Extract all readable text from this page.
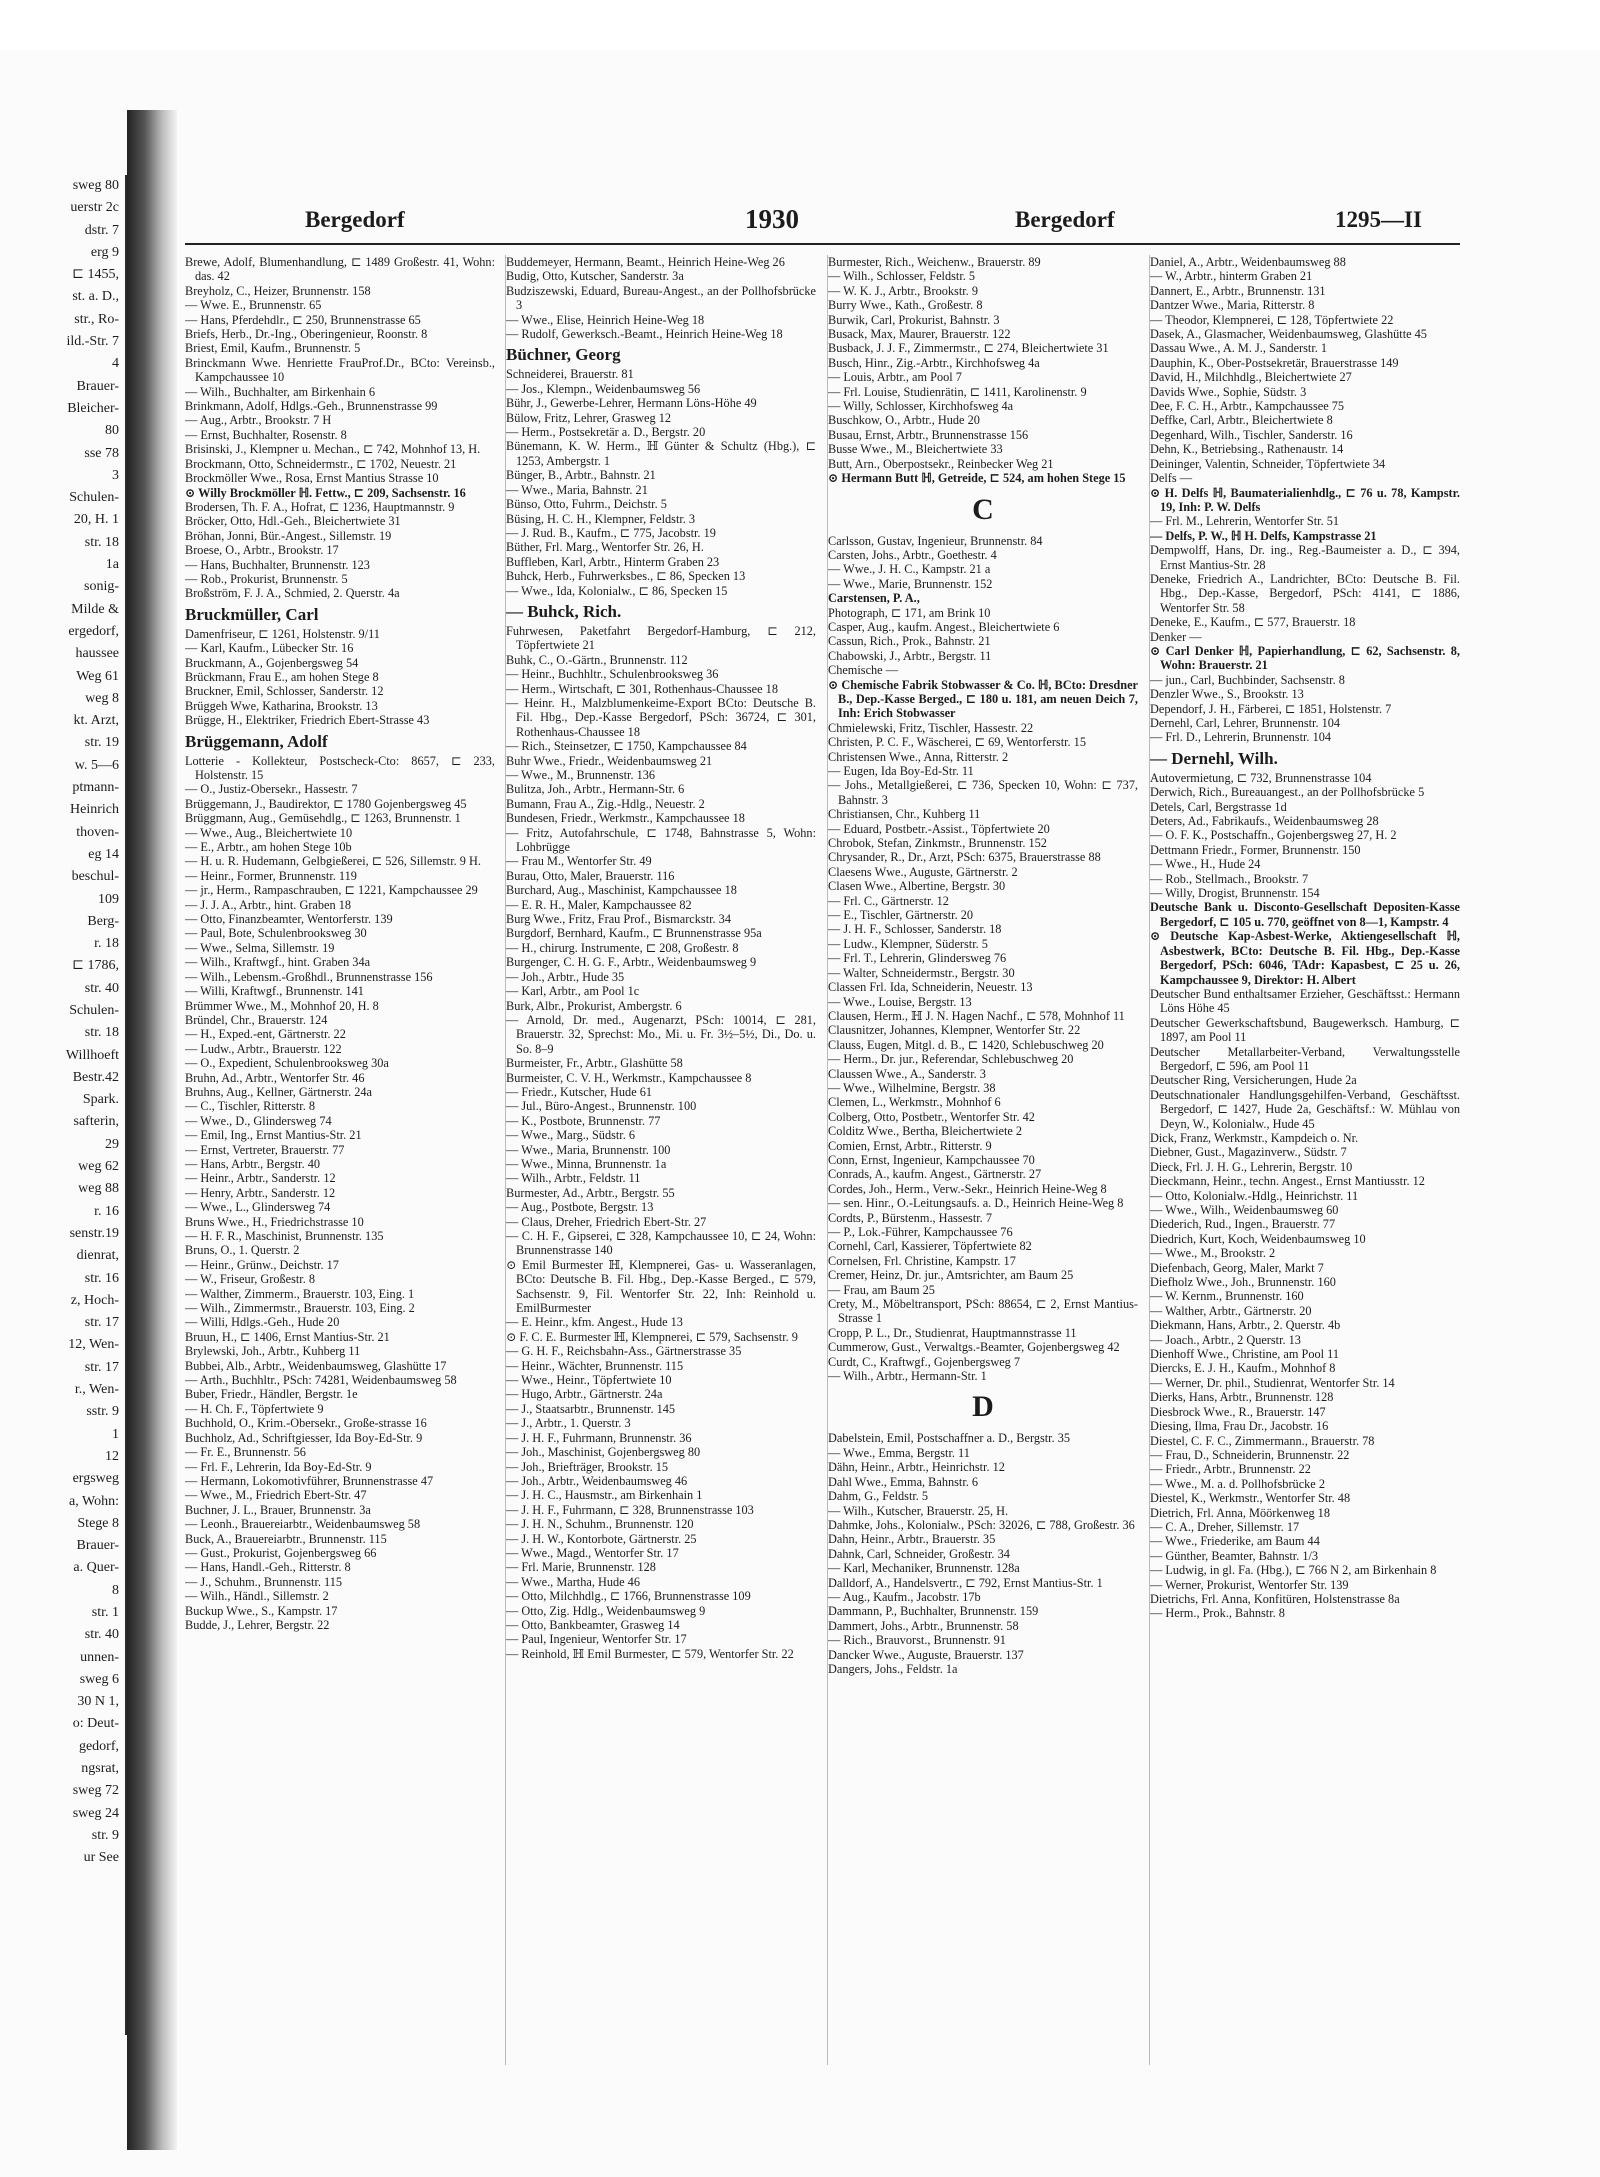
sweg 80
uerstr 2c
dstr. 7
erg 9
⊏ 1455,
st. a. D.,
str., Ro-
ild.-Str. 7
4
Brauer-
Bleicher-
80
sse 78
3
Schulen-
20, H. 1
str. 18
1a
sonig-
Milde &
ergedorf,
haussee
Weg 61
weg 8
kt. Arzt,
str. 19
w. 5—6
ptmann-
Heinrich
thoven-
eg 14
beschul-
109
Berg-
r. 18
⊏ 1786,
str. 40
Schulen-
str. 18
Willhoeft
Bestr.42
Spark.
safterin,
29
weg 62
weg 88
r. 16
senstr.19
dienrat,
str. 16
z, Hoch-
str. 17
12, Wen-
str. 17
r., Wen-
sstr. 9
1
12
ergsweg
a, Wohn:
Stege 8
Brauer-
a. Quer-
8
str. 1
str. 40
unnen-
sweg 6
30 N 1,
o: Deut-
gedorf,
ngsrat,
sweg 72
sweg 24
str. 9
ur See
Bergedorf	1930	Bergedorf	1295—II

Brewe, Adolf, Blumenhandlung, ⊏ 1489 Großestr. 41, Wohn: das. 42

Breyholz, C., Heizer, Brunnenstr. 158

— Wwe. E., Brunnenstr. 65

— Hans, Pferdehdlr., ⊏ 250, Brunnenstrasse 65

Briefs, Herb., Dr.-Ing., Oberingenieur, Roonstr. 8

Briest, Emil, Kaufm., Brunnenstr. 5

Brinckmann Wwe. Henriette FrauProf.Dr., BCto: Vereinsb., Kampchaussee 10

— Wilh., Buchhalter, am Birkenhain 6

Brinkmann, Adolf, Hdlgs.-Geh., Brunnenstrasse 99

— Aug., Arbtr., Brookstr. 7 H

— Ernst, Buchhalter, Rosenstr. 8

Brisinski, J., Klempner u. Mechan., ⊏ 742, Mohnhof 13, H.

Brockmann, Otto, Schneidermstr., ⊏ 1702, Neuestr. 21

Brockmöller Wwe., Rosa, Ernst Mantius Strasse 10

⊙ Willy Brockmöller ℍ. Fettw., ⊏ 209, Sachsenstr. 16

Brodersen, Th. F. A., Hofrat, ⊏ 1236, Hauptmannstr. 9

Bröcker, Otto, Hdl.-Geh., Bleichertwiete 31

Bröhan, Jonni, Bür.-Angest., Sillemstr. 19

Broese, O., Arbtr., Brookstr. 17

— Hans, Buchhalter, Brunnenstr. 123

— Rob., Prokurist, Brunnenstr. 5

Broßström, F. J. A., Schmied, 2. Querstr. 4a

Bruckmüller, Carl

Damenfriseur, ⊏ 1261, Holstenstr. 9/11

— Karl, Kaufm., Lübecker Str. 16

Bruckmann, A., Gojenbergsweg 54

Brückmann, Frau E., am hohen Stege 8

Bruckner, Emil, Schlosser, Sanderstr. 12

Brüggeh Wwe, Katharina, Brookstr. 13

Brügge, H., Elektriker, Friedrich Ebert-Strasse 43

Brüggemann, Adolf

Lotterie - Kollekteur, Postscheck-Cto: 8657, ⊏ 233, Holstenstr. 15

— O., Justiz-Obersekr., Hassestr. 7

Brüggemann, J., Baudirektor, ⊏ 1780 Gojenbergsweg 45

Brüggmann, Aug., Gemüsehdlg., ⊏ 1263, Brunnenstr. 1

— Wwe., Aug., Bleichertwiete 10

— E., Arbtr., am hohen Stege 10b

— H. u. R. Hudemann, Gelbgießerei, ⊏ 526, Sillemstr. 9 H.

— Heinr., Former, Brunnenstr. 119

— jr., Herm., Rampaschrauben, ⊏ 1221, Kampchaussee 29

— J. J. A., Arbtr., hint. Graben 18

— Otto, Finanzbeamter, Wentorferstr. 139

— Paul, Bote, Schulenbrooksweg 30

— Wwe., Selma, Sillemstr. 19

— Wilh., Kraftwgf., hint. Graben 34a

— Wilh., Lebensm.-Großhdl., Brunnenstrasse 156

— Willi, Kraftwgf., Brunnenstr. 141

Brümmer Wwe., M., Mohnhof 20, H. 8

Bründel, Chr., Brauerstr. 124

— H., Exped.-ent, Gärtnerstr. 22

— Ludw., Arbtr., Brauerstr. 122

— O., Expedient, Schulenbrooksweg 30a

Bruhn, Ad., Arbtr., Wentorfer Str. 46

Bruhns, Aug., Kellner, Gärtnerstr. 24a

— C., Tischler, Ritterstr. 8

— Wwe., D., Glindersweg 74

— Emil, Ing., Ernst Mantius-Str. 21

— Ernst, Vertreter, Brauerstr. 77

— Hans, Arbtr., Bergstr. 40

— Heinr., Arbtr., Sanderstr. 12

— Henry, Arbtr., Sanderstr. 12

— Wwe., L., Glindersweg 74

Bruns Wwe., H., Friedrichstrasse 10

— H. F. R., Maschinist, Brunnenstr. 135

Bruns, O., 1. Querstr. 2

— Heinr., Grünw., Deichstr. 17

— W., Friseur, Großestr. 8

— Walther, Zimmerm., Brauerstr. 103, Eing. 1

— Wilh., Zimmermstr., Brauerstr. 103, Eing. 2

— Willi, Hdlgs.-Geh., Hude 20

Bruun, H., ⊏ 1406, Ernst Mantius-Str. 21

Brylewski, Joh., Arbtr., Kuhberg 11

Bubbei, Alb., Arbtr., Weidenbaumsweg, Glashütte 17

— Arth., Buchhltr., PSch: 74281, Weidenbaumsweg 58

Buber, Friedr., Händler, Bergstr. 1e

— H. Ch. F., Töpfertwiete 9

Buchhold, O., Krim.-Obersekr., Große-strasse 16

Buchholz, Ad., Schriftgiesser, Ida Boy-Ed-Str. 9

— Fr. E., Brunnenstr. 56

— Frl. F., Lehrerin, Ida Boy-Ed-Str. 9

— Hermann, Lokomotivführer, Brunnenstrasse 47

— Wwe., M., Friedrich Ebert-Str. 47

Buchner, J. L., Brauer, Brunnenstr. 3a

— Leonh., Brauereiarbtr., Weidenbaumsweg 58

Buck, A., Brauereiarbtr., Brunnenstr. 115

— Gust., Prokurist, Gojenbergsweg 66

— Hans, Handl.-Geh., Ritterstr. 8

— J., Schuhm., Brunnenstr. 115

— Wilh., Händl., Sillemstr. 2

Buckup Wwe., S., Kampstr. 17

Budde, J., Lehrer, Bergstr. 22

Buddemeyer, Hermann, Beamt., Heinrich Heine-Weg 26

Budig, Otto, Kutscher, Sanderstr. 3a

Budziszewski, Eduard, Bureau-Angest., an der Pollhofsbrücke 3

— Wwe., Elise, Heinrich Heine-Weg 18

— Rudolf, Gewerksch.-Beamt., Heinrich Heine-Weg 18

Büchner, Georg

Schneiderei, Brauerstr. 81

— Jos., Klempn., Weidenbaumsweg 56

Bühr, J., Gewerbe-Lehrer, Hermann Löns-Höhe 49

Bülow, Fritz, Lehrer, Grasweg 12

— Herm., Postsekretär a. D., Bergstr. 20

Bünemann, K. W. Herm., ℍ Günter & Schultz (Hbg.), ⊏ 1253, Ambergstr. 1

Bünger, B., Arbtr., Bahnstr. 21

— Wwe., Maria, Bahnstr. 21

Bünso, Otto, Fuhrm., Deichstr. 5

Büsing, H. C. H., Klempner, Feldstr. 3

— J. Rud. B., Kaufm., ⊏ 775, Jacobstr. 19

Büther, Frl. Marg., Wentorfer Str. 26, H.

Buffleben, Karl, Arbtr., Hinterm Graben 23

Buhck, Herb., Fuhrwerksbes., ⊏ 86, Specken 13

— Wwe., Ida, Kolonialw., ⊏ 86, Specken 15

— Buhck, Rich.

Fuhrwesen, Paketfahrt Bergedorf-Hamburg, ⊏ 212, Töpfertwiete 21

Buhk, C., O.-Gärtn., Brunnenstr. 112

— Heinr., Buchhltr., Schulenbrooksweg 36

— Herm., Wirtschaft, ⊏ 301, Rothenhaus-Chaussee 18

— Heinr. H., Malzblumenkeime-Export BCto: Deutsche B. Fil. Hbg., Dep.-Kasse Bergedorf, PSch: 36724, ⊏ 301, Rothenhaus-Chaussee 18

— Rich., Steinsetzer, ⊏ 1750, Kampchaussee 84

Buhr Wwe., Friedr., Weidenbaumsweg 21

— Wwe., M., Brunnenstr. 136

Bulitza, Joh., Arbtr., Hermann-Str. 6

Bumann, Frau A., Zig.-Hdlg., Neuestr. 2

Bundesen, Friedr., Werkmstr., Kampchaussee 18

— Fritz, Autofahrschule, ⊏ 1748, Bahnstrasse 5, Wohn: Lohbrügge

— Frau M., Wentorfer Str. 49

Burau, Otto, Maler, Brauerstr. 116

Burchard, Aug., Maschinist, Kampchaussee 18

— E. R. H., Maler, Kampchaussee 82

Burg Wwe., Fritz, Frau Prof., Bismarckstr. 34

Burgdorf, Bernhard, Kaufm., ⊏ Brunnenstrasse 95a

— H., chirurg. Instrumente, ⊏ 208, Großestr. 8

Burgenger, C. H. G. F., Arbtr., Weidenbaumsweg 9

— Joh., Arbtr., Hude 35

— Karl, Arbtr., am Pool 1c

Burk, Albr., Prokurist, Ambergstr. 6

— Arnold, Dr. med., Augenarzt, PSch: 10014, ⊏ 281, Brauerstr. 32, Sprechst: Mo., Mi. u. Fr. 3½–5½, Di., Do. u. So. 8–9

Burmeister, Fr., Arbtr., Glashütte 58

Burmeister, C. V. H., Werkmstr., Kampchaussee 8

— Friedr., Kutscher, Hude 61

— Jul., Büro-Angest., Brunnenstr. 100

— K., Postbote, Brunnenstr. 77

— Wwe., Marg., Südstr. 6

— Wwe., Maria, Brunnenstr. 100

— Wwe., Minna, Brunnenstr. 1a

— Wilh., Arbtr., Feldstr. 11

Burmester, Ad., Arbtr., Bergstr. 55

— Aug., Postbote, Bergstr. 13

— Claus, Dreher, Friedrich Ebert-Str. 27

— C. H. F., Gipserei, ⊏ 328, Kampchaussee 10, ⊏ 24, Wohn: Brunnenstrasse 140

⊙ Emil Burmester ℍ, Klempnerei, Gas- u. Wasseranlagen, BCto: Deutsche B. Fil. Hbg., Dep.-Kasse Berged., ⊏ 579, Sachsenstr. 9, Fil. Wentorfer Str. 22, Inh: Reinhold u. EmilBurmester

— E. Heinr., kfm. Angest., Hude 13

⊙ F. C. E. Burmester ℍ, Klempnerei, ⊏ 579, Sachsenstr. 9

— G. H. F., Reichsbahn-Ass., Gärtnerstrasse 35

— Heinr., Wächter, Brunnenstr. 115

— Wwe., Heinr., Töpfertwiete 10

— Hugo, Arbtr., Gärtnerstr. 24a

— J., Staatsarbtr., Brunnenstr. 145

— J., Arbtr., 1. Querstr. 3

— J. H. F., Fuhrmann, Brunnenstr. 36

— Joh., Maschinist, Gojenbergsweg 80

— Joh., Briefträger, Brookstr. 15

— Joh., Arbtr., Weidenbaumsweg 46

— J. H. C., Hausmstr., am Birkenhain 1

— J. H. F., Fuhrmann, ⊏ 328, Brunnenstrasse 103

— J. H. N., Schuhm., Brunnenstr. 120

— J. H. W., Kontorbote, Gärtnerstr. 25

— Wwe., Magd., Wentorfer Str. 17

— Frl. Marie, Brunnenstr. 128

— Wwe., Martha, Hude 46

— Otto, Milchhdlg., ⊏ 1766, Brunnenstrasse 109

— Otto, Zig. Hdlg., Weidenbaumsweg 9

— Otto, Bankbeamter, Grasweg 14

— Paul, Ingenieur, Wentorfer Str. 17

— Reinhold, ℍ Emil Burmester, ⊏ 579, Wentorfer Str. 22

Burmester, Rich., Weichenw., Brauerstr. 89

— Wilh., Schlosser, Feldstr. 5

— W. K. J., Arbtr., Brookstr. 9

Burry Wwe., Kath., Großestr. 8

Burwik, Carl, Prokurist, Bahnstr. 3

Busack, Max, Maurer, Brauerstr. 122

Busback, J. J. F., Zimmermstr., ⊏ 274, Bleichertwiete 31

Busch, Hinr., Zig.-Arbtr., Kirchhofsweg 4a

— Louis, Arbtr., am Pool 7

— Frl. Louise, Studienrätin, ⊏ 1411, Karolinenstr. 9

— Willy, Schlosser, Kirchhofsweg 4a

Buschkow, O., Arbtr., Hude 20

Busau, Ernst, Arbtr., Brunnenstrasse 156

Busse Wwe., M., Bleichertwiete 33

Butt, Arn., Oberpostsekr., Reinbecker Weg 21

⊙ Hermann Butt ℍ, Getreide, ⊏ 524, am hohen Stege 15

C

Carlsson, Gustav, Ingenieur, Brunnenstr. 84

Carsten, Johs., Arbtr., Goethestr. 4

— Wwe., J. H. C., Kampstr. 21 a

— Wwe., Marie, Brunnenstr. 152

Carstensen, P. A.,

Photograph, ⊏ 171, am Brink 10

Casper, Aug., kaufm. Angest., Bleichertwiete 6

Cassun, Rich., Prok., Bahnstr. 21

Chabowski, J., Arbtr., Bergstr. 11

Chemische —

⊙ Chemische Fabrik Stobwasser & Co. ℍ, BCto: Dresdner B., Dep.-Kasse Berged., ⊏ 180 u. 181, am neuen Deich 7, Inh: Erich Stobwasser

Chmielewski, Fritz, Tischler, Hassestr. 22

Christen, P. C. F., Wäscherei, ⊏ 69, Wentorferstr. 15

Christensen Wwe., Anna, Ritterstr. 2

— Eugen, Ida Boy-Ed-Str. 11

— Johs., Metallgießerei, ⊏ 736, Specken 10, Wohn: ⊏ 737, Bahnstr. 3

Christiansen, Chr., Kuhberg 11

— Eduard, Postbetr.-Assist., Töpfertwiete 20

Chrobok, Stefan, Zinkmstr., Brunnenstr. 152

Chrysander, R., Dr., Arzt, PSch: 6375, Brauerstrasse 88

Claesens Wwe., Auguste, Gärtnerstr. 2

Clasen Wwe., Albertine, Bergstr. 30

— Frl. C., Gärtnerstr. 12

— E., Tischler, Gärtnerstr. 20

— J. H. F., Schlosser, Sanderstr. 18

— Ludw., Klempner, Süderstr. 5

— Frl. T., Lehrerin, Glindersweg 76

— Walter, Schneidermstr., Bergstr. 30

Classen Frl. Ida, Schneiderin, Neuestr. 13

— Wwe., Louise, Bergstr. 13

Clausen, Herm., ℍ J. N. Hagen Nachf., ⊏ 578, Mohnhof 11

Clausnitzer, Johannes, Klempner, Wentorfer Str. 22

Clauss, Eugen, Mitgl. d. B., ⊏ 1420, Schlebuschweg 20

— Herm., Dr. jur., Referendar, Schlebuschweg 20

Claussen Wwe., A., Sanderstr. 3

— Wwe., Wilhelmine, Bergstr. 38

Clemen, L., Werkmstr., Mohnhof 6

Colberg, Otto, Postbetr., Wentorfer Str. 42

Colditz Wwe., Bertha, Bleichertwiete 2

Comien, Ernst, Arbtr., Ritterstr. 9

Conn, Ernst, Ingenieur, Kampchaussee 70

Conrads, A., kaufm. Angest., Gärtnerstr. 27

Cordes, Joh., Herm., Verw.-Sekr., Heinrich Heine-Weg 8

— sen. Hinr., O.-Leitungsaufs. a. D., Heinrich Heine-Weg 8

Cordts, P., Bürstenm., Hassestr. 7

— P., Lok.-Führer, Kampchaussee 76

Cornehl, Carl, Kassierer, Töpfertwiete 82

Cornelsen, Frl. Christine, Kampstr. 17

Cremer, Heinz, Dr. jur., Amtsrichter, am Baum 25

— Frau, am Baum 25

Crety, M., Möbeltransport, PSch: 88654, ⊏ 2, Ernst Mantius-Strasse 1

Cropp, P. L., Dr., Studienrat, Hauptmannstrasse 11

Cummerow, Gust., Verwaltgs.-Beamter, Gojenbergsweg 42

Curdt, C., Kraftwgf., Gojenbergsweg 7

— Wilh., Arbtr., Hermann-Str. 1

D

Dabelstein, Emil, Postschaffner a. D., Bergstr. 35

— Wwe., Emma, Bergstr. 11

Dähn, Heinr., Arbtr., Heinrichstr. 12

Dahl Wwe., Emma, Bahnstr. 6

Dahm, G., Feldstr. 5

— Wilh., Kutscher, Brauerstr. 25, H.

Dahmke, Johs., Kolonialw., PSch: 32026, ⊏ 788, Großestr. 36

Dahn, Heinr., Arbtr., Brauerstr. 35

Dahnk, Carl, Schneider, Großestr. 34

— Karl, Mechaniker, Brunnenstr. 128a

Dalldorf, A., Handelsvertr., ⊏ 792, Ernst Mantius-Str. 1

— Aug., Kaufm., Jacobstr. 17b

Dammann, P., Buchhalter, Brunnenstr. 159

Dammert, Johs., Arbtr., Brunnenstr. 58

— Rich., Brauvorst., Brunnenstr. 91

Dancker Wwe., Auguste, Brauerstr. 137

Dangers, Johs., Feldstr. 1a

Daniel, A., Arbtr., Weidenbaumsweg 88

— W., Arbtr., hinterm Graben 21

Dannert, E., Arbtr., Brunnenstr. 131

Dantzer Wwe., Maria, Ritterstr. 8

— Theodor, Klempnerei, ⊏ 128, Töpfertwiete 22

Dasek, A., Glasmacher, Weidenbaumsweg, Glashütte 45

Dassau Wwe., A. M. J., Sanderstr. 1

Dauphin, K., Ober-Postsekretär, Brauerstrasse 149

David, H., Milchhdlg., Bleichertwiete 27

Davids Wwe., Sophie, Südstr. 3

Dee, F. C. H., Arbtr., Kampchaussee 75

Deffke, Carl, Arbtr., Bleichertwiete 8

Degenhard, Wilh., Tischler, Sanderstr. 16

Dehn, K., Betriebsing., Rathenaustr. 14

Deininger, Valentin, Schneider, Töpfertwiete 34

Delfs —

⊙ H. Delfs ℍ, Baumaterialienhdlg., ⊏ 76 u. 78, Kampstr. 19, Inh: P. W. Delfs

— Frl. M., Lehrerin, Wentorfer Str. 51

— Delfs, P. W., ℍ H. Delfs, Kampstrasse 21

Dempwolff, Hans, Dr. ing., Reg.-Baumeister a. D., ⊏ 394, Ernst Mantius-Str. 28

Deneke, Friedrich A., Landrichter, BCto: Deutsche B. Fil. Hbg., Dep.-Kasse, Bergedorf, PSch: 4141, ⊏ 1886, Wentorfer Str. 58

Deneke, E., Kaufm., ⊏ 577, Brauerstr. 18

Denker —

⊙ Carl Denker ℍ, Papierhandlung, ⊏ 62, Sachsenstr. 8, Wohn: Brauerstr. 21

— jun., Carl, Buchbinder, Sachsenstr. 8

Denzler Wwe., S., Brookstr. 13

Dependorf, J. H., Färberei, ⊏ 1851, Holstenstr. 7

Dernehl, Carl, Lehrer, Brunnenstr. 104

— Frl. D., Lehrerin, Brunnenstr. 104

— Dernehl, Wilh.

Autovermietung, ⊏ 732, Brunnenstrasse 104

Derwich, Rich., Bureauangest., an der Pollhofsbrücke 5

Detels, Carl, Bergstrasse 1d

Deters, Ad., Fabrikaufs., Weidenbaumsweg 28

— O. F. K., Postschaffn., Gojenbergsweg 27, H. 2

Dettmann Friedr., Former, Brunnenstr. 150

— Wwe., H., Hude 24

— Rob., Stellmach., Brookstr. 7

— Willy, Drogist, Brunnenstr. 154

Deutsche Bank u. Disconto-Gesellschaft Depositen-Kasse Bergedorf, ⊏ 105 u. 770, geöffnet von 8—1, Kampstr. 4

⊙ Deutsche Kap-Asbest-Werke, Aktiengesellschaft ℍ, Asbestwerk, BCto: Deutsche B. Fil. Hbg., Dep.-Kasse Bergedorf, PSch: 6046, TAdr: Kapasbest, ⊏ 25 u. 26, Kampchaussee 9, Direktor: H. Albert

Deutscher Bund enthaltsamer Erzieher, Geschäftsst.: Hermann Löns Höhe 45

Deutscher Gewerkschaftsbund, Baugewerksch. Hamburg, ⊏ 1897, am Pool 11

Deutscher Metallarbeiter-Verband, Verwaltungsstelle Bergedorf, ⊏ 596, am Pool 11

Deutscher Ring, Versicherungen, Hude 2a

Deutschnationaler Handlungsgehilfen-Verband, Geschäftsst. Bergedorf, ⊏ 1427, Hude 2a, Geschäftsf.: W. Mühlau von Deyn, W., Kolonialw., Hude 45

Dick, Franz, Werkmstr., Kampdeich o. Nr.

Diebner, Gust., Magazinverw., Südstr. 7

Dieck, Frl. J. H. G., Lehrerin, Bergstr. 10

Dieckmann, Heinr., techn. Angest., Ernst Mantiusstr. 12

— Otto, Kolonialw.-Hdlg., Heinrichstr. 11

— Wwe., Wilh., Weidenbaumsweg 60

Diederich, Rud., Ingen., Brauerstr. 77

Diedrich, Kurt, Koch, Weidenbaumsweg 10

— Wwe., M., Brookstr. 2

Diefenbach, Georg, Maler, Markt 7

Diefholz Wwe., Joh., Brunnenstr. 160

— W. Kernm., Brunnenstr. 160

— Walther, Arbtr., Gärtnerstr. 20

Diekmann, Hans, Arbtr., 2. Querstr. 4b

— Joach., Arbtr., 2 Querstr. 13

Dienhoff Wwe., Christine, am Pool 11

Diercks, E. J. H., Kaufm., Mohnhof 8

— Werner, Dr. phil., Studienrat, Wentorfer Str. 14

Dierks, Hans, Arbtr., Brunnenstr. 128

Diesbrock Wwe., R., Brauerstr. 147

Diesing, Ilma, Frau Dr., Jacobstr. 16

Diestel, C. F. C., Zimmermann., Brauerstr. 78

— Frau, D., Schneiderin, Brunnenstr. 22

— Friedr., Arbtr., Brunnenstr. 22

— Wwe., M. a. d. Pollhofsbrücke 2

Diestel, K., Werkmstr., Wentorfer Str. 48

Dietrich, Frl. Anna, Möörkenweg 18

— C. A., Dreher, Sillemstr. 17

— Wwe., Friederike, am Baum 44

— Günther, Beamter, Bahnstr. 1/3

— Ludwig, in gl. Fa. (Hbg.), ⊏ 766 N 2, am Birkenhain 8

— Werner, Prokurist, Wentorfer Str. 139

Dietrichs, Frl. Anna, Konfitüren, Holstenstrasse 8a

— Herm., Prok., Bahnstr. 8
